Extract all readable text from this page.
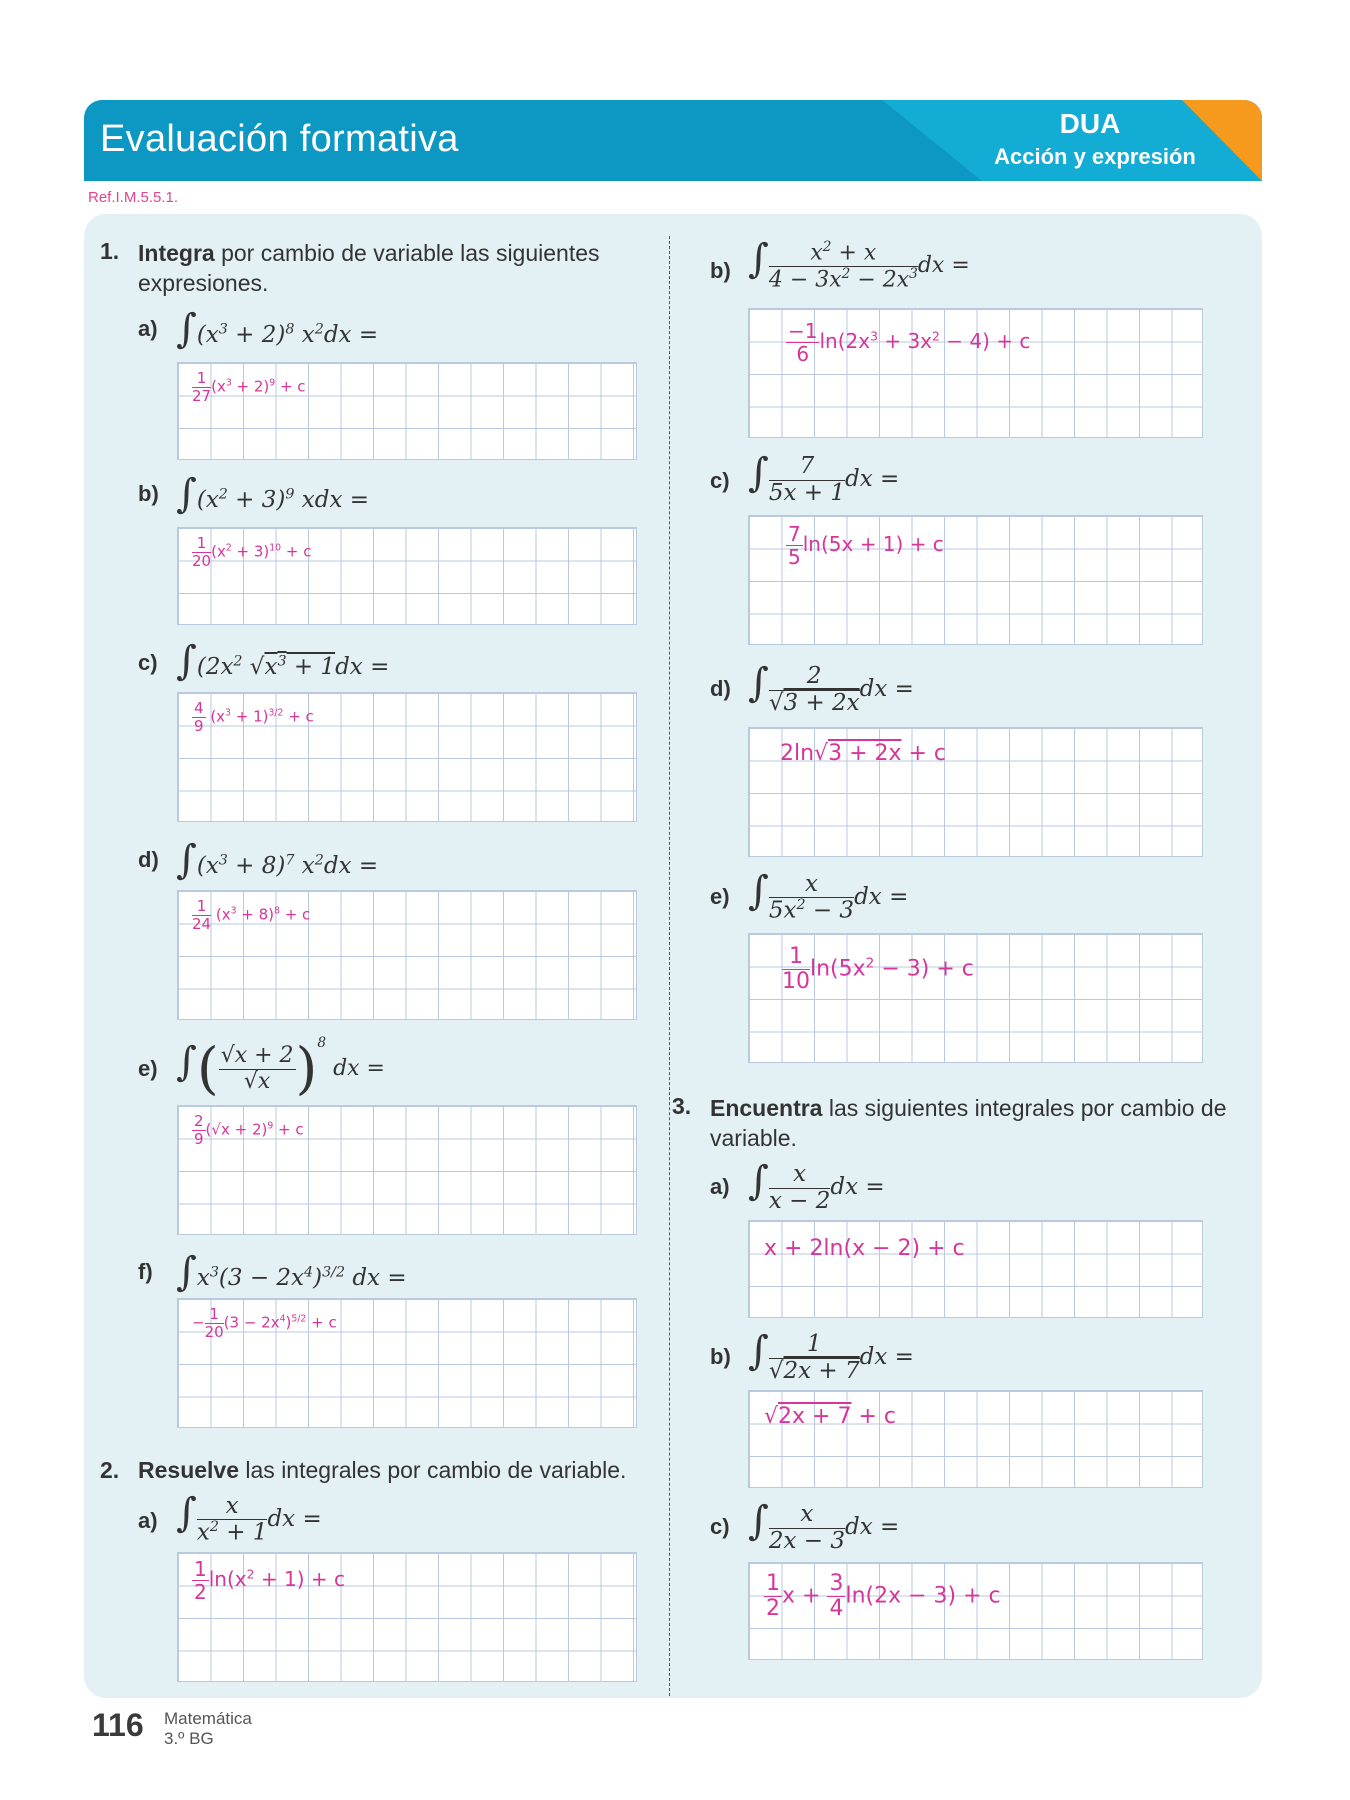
Evaluación formativa	DUA
Acción y expresión
Ref.I.M.5.5.1.
1. Integra por cambio de variable las siguientes expresiones.
a) $\int(x^3 + 2)^8$ $x^2dx$ =
$\frac{1}{27} (x^3 + 2)^9 + c$
b) $\int(x^2 + 3)^9$ xdx =
$\frac{1}{20} (x^2 + 3)^{10} + c$
c) $\int(2x^2$ $√x^3 + 1dx$ =
$\frac{4}{9} (x^3 + 1)^{3/2} + c$
d) $\int(x^3 + 8)^7$ $x^2dx$ =
$\frac{1}{24} (x^3 + 8)^8 + c$
e) ∫( $\frac{√x + 2}{√x} )^8$ dx =
$\frac{2}{9} (√x + 2)^9 + c$
f) $\int x^3(3 - 2x^4)^{3/2}$ dx =
− $\frac{1}{20} (3 - 2x^4)^{5/2} + c$
2. Resuelve las integrales por cambio de variable.
a) ∫ $\frac{x}{x^2 + 1}$ dx =
$\frac{1}{2} \ln(x^2 + 1) + c$
b) ∫ $\frac{x^2 + x}{4 - 3x^2 - 2x^3}$ dx =
$\frac{-1}{6} \ln(2x^3 + 3x^2 - 4) + c$
c) ∫ $\frac{7}{5x + 1}$ dx =
$\frac{7}{5} \ln(5x + 1) + c$
d) ∫ $\frac{2}{√3 + 2x}$ dx =
2ln√3 + 2x + c
e) ∫ $\frac{x}{5x^2 - 3}$ dx =
$\frac{1}{10} \ln(5x^2 - 3) + c$
3. Encuentra las siguientes integrales por cambio de variable.
a) ∫ $\frac{x}{x - 2}$ dx =
x + 2ln(x − 2) + c
b) ∫ $\frac{1}{√2x + 7}$ dx =
√2x + 7 + c
c) ∫ $\frac{x}{2x - 3}$ dx =
$\frac{1}{2}$ $x + \frac{3}{4} \ln(2x - 3) + c$
116 Matemática
3.º BG
